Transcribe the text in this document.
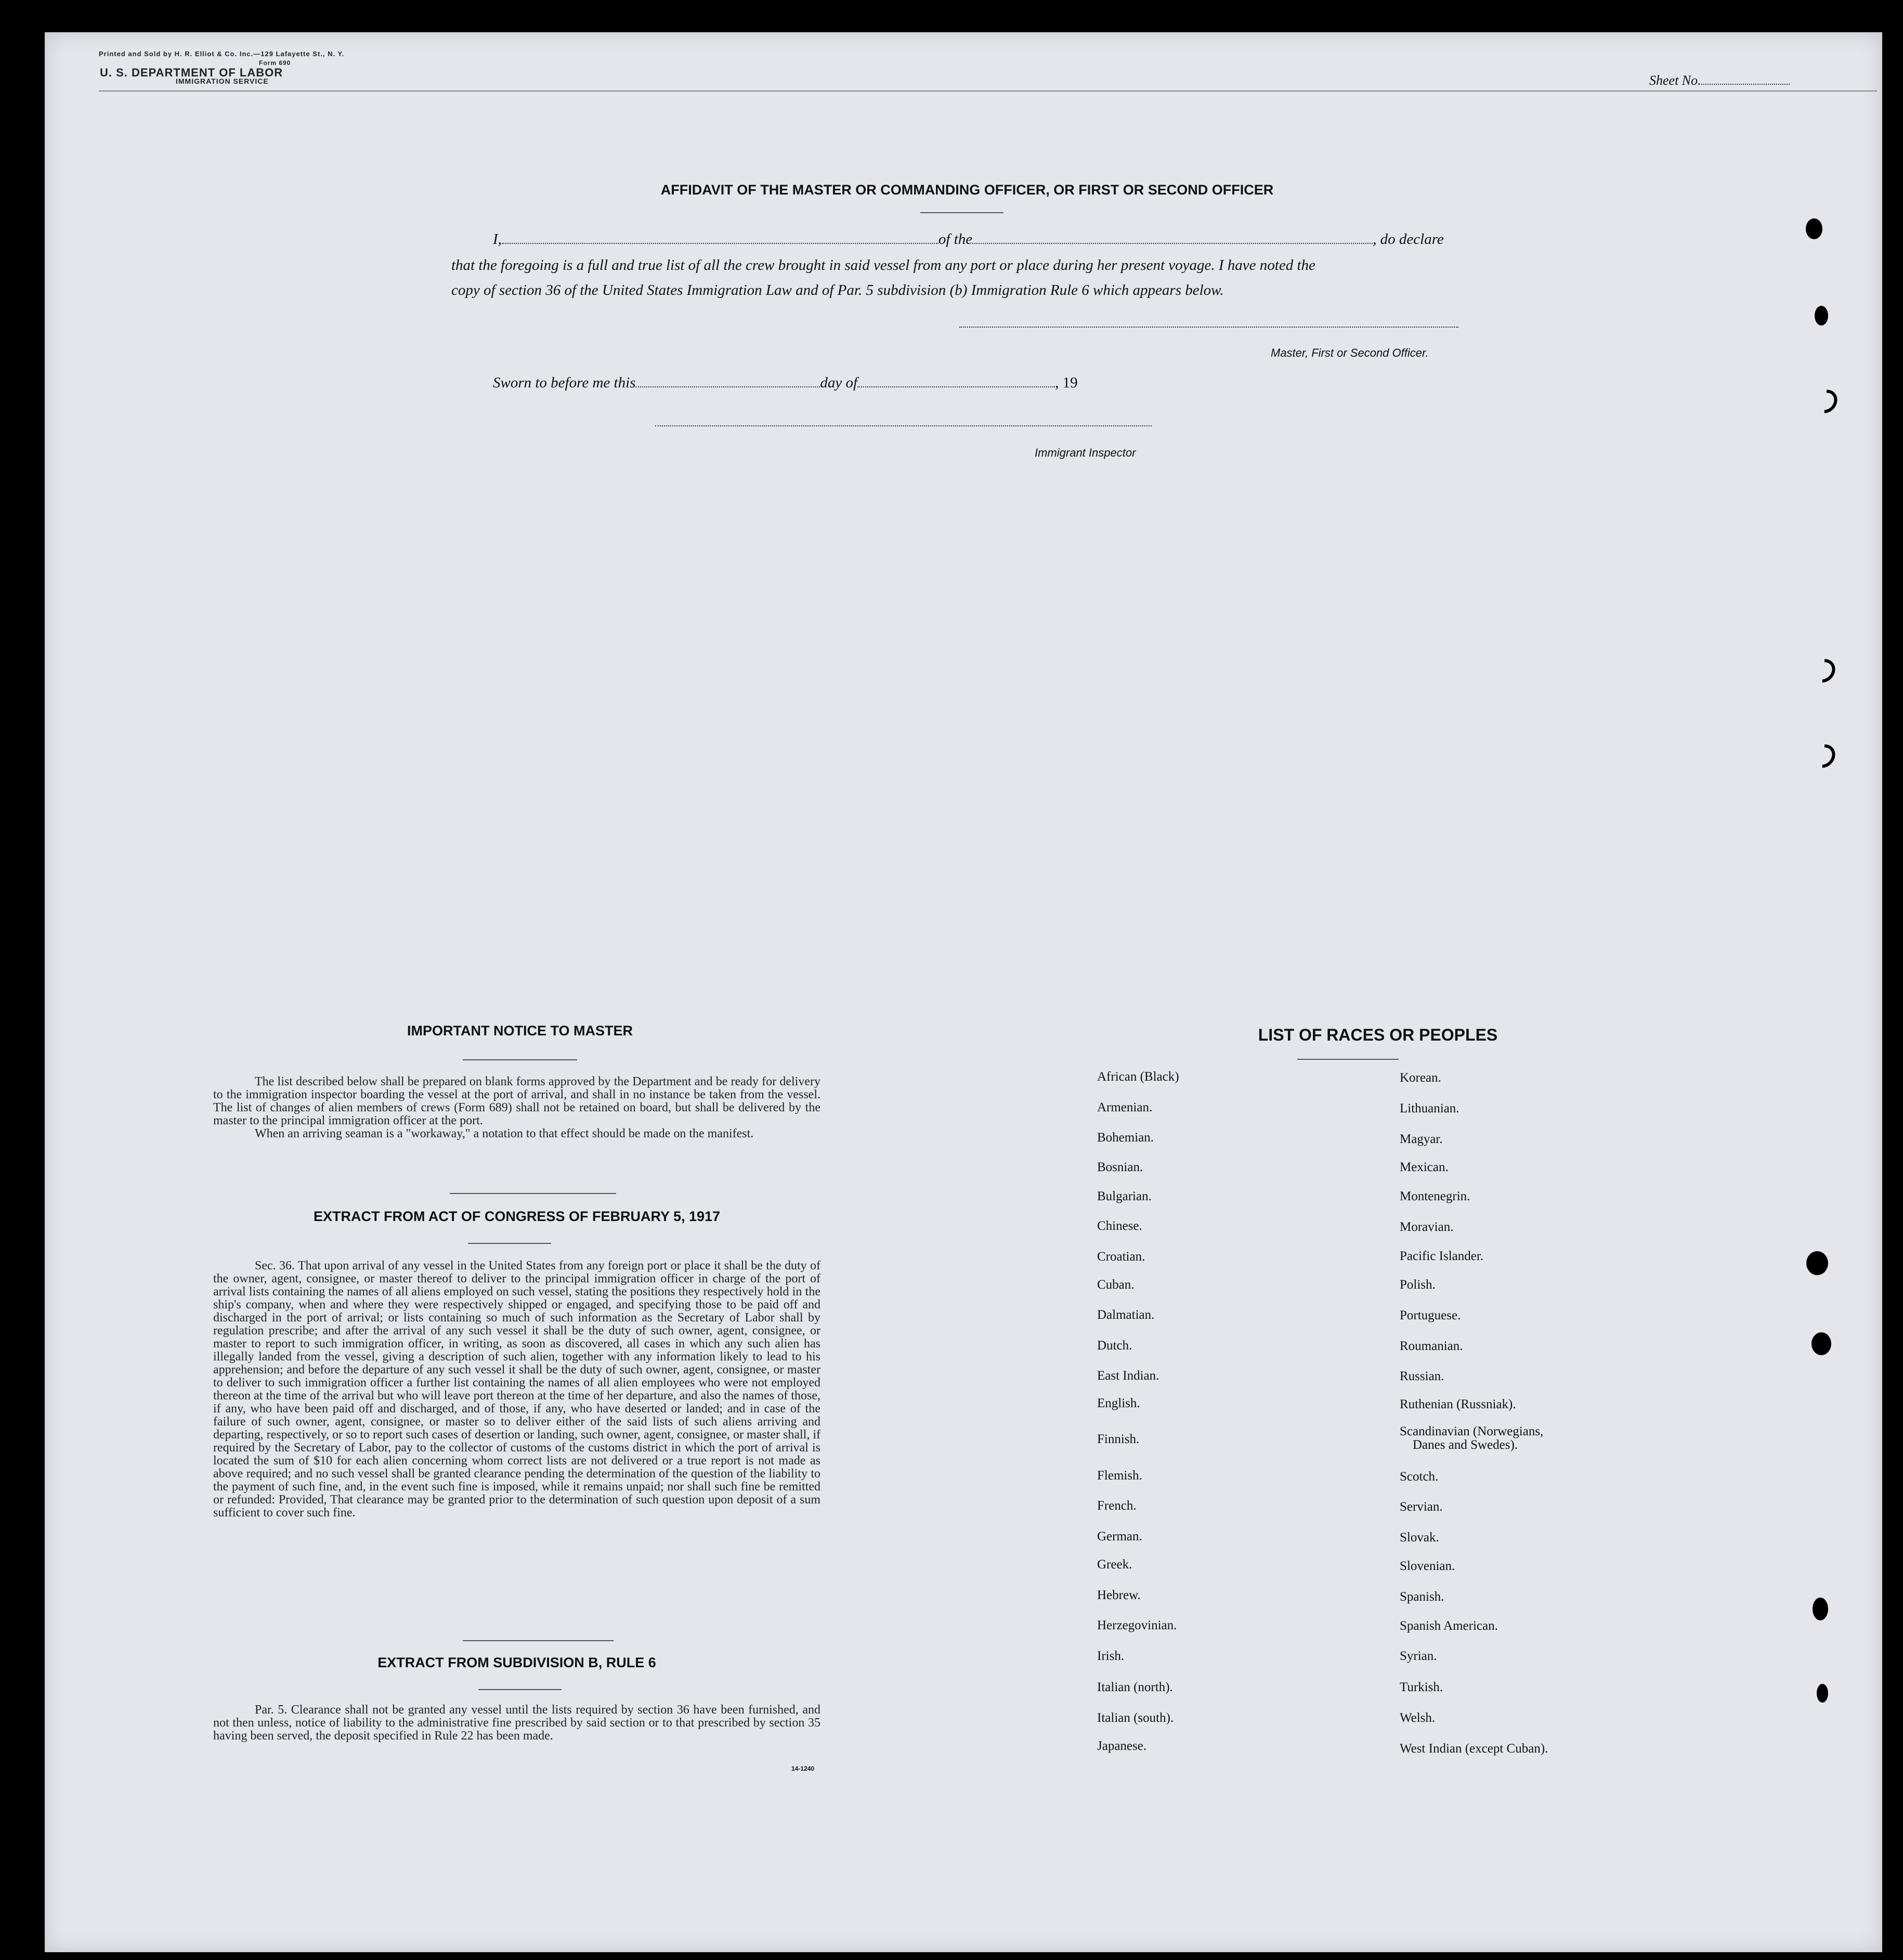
Printed and Sold by H. R. Elliot & Co. Inc.—129 Lafayette St., N. Y.
Form 690
U. S. DEPARTMENT OF LABOR
IMMIGRATION SERVICE	Sheet No.
AFFIDAVIT OF THE MASTER OR COMMANDING OFFICER, OR FIRST OR SECOND OFFICER
I,	of the	, do declare
that the foregoing is a full and true list of all the crew brought in said vessel from any port or place during her present voyage. I have noted the
copy of section 36 of the United States Immigration Law and of Par. 5 subdivision (b) Immigration Rule 6 which appears below.
Master, First or Second Officer.
Sworn to before me this	day of	, 19
Immigrant Inspector
IMPORTANT NOTICE TO MASTER

The list described below shall be prepared on blank forms approved by the Department and be ready for delivery to the immigration inspector boarding the vessel at the port of arrival, and shall in no instance be taken from the vessel. The list of changes of alien members of crews (Form 689) shall not be retained on board, but shall be delivered by the master to the principal immigration officer at the port.

When an arriving seaman is a "workaway," a notation to that effect should be made on the manifest.

EXTRACT FROM ACT OF CONGRESS OF FEBRUARY 5, 1917

Sec. 36. That upon arrival of any vessel in the United States from any foreign port or place it shall be the duty of the owner, agent, consignee, or master thereof to deliver to the principal immigration officer in charge of the port of arrival lists containing the names of all aliens employed on such vessel, stating the positions they respectively hold in the ship's company, when and where they were respectively shipped or engaged, and specifying those to be paid off and discharged in the port of arrival; or lists containing so much of such information as the Secretary of Labor shall by regulation prescribe; and after the arrival of any such vessel it shall be the duty of such owner, agent, consignee, or master to report to such immigration officer, in writing, as soon as discovered, all cases in which any such alien has illegally landed from the vessel, giving a description of such alien, together with any information likely to lead to his apprehension; and before the departure of any such vessel it shall be the duty of such owner, agent, consignee, or master to deliver to such immigration officer a further list containing the names of all alien employees who were not employed thereon at the time of the arrival but who will leave port thereon at the time of her departure, and also the names of those, if any, who have been paid off and discharged, and of those, if any, who have deserted or landed; and in case of the failure of such owner, agent, consignee, or master so to deliver either of the said lists of such aliens arriving and departing, respectively, or so to report such cases of desertion or landing, such owner, agent, consignee, or master shall, if required by the Secretary of Labor, pay to the collector of customs of the customs district in which the port of arrival is located the sum of $10 for each alien concerning whom correct lists are not delivered or a true report is not made as above required; and no such vessel shall be granted clearance pending the determination of the question of the liability to the payment of such fine, and, in the event such fine is imposed, while it remains unpaid; nor shall such fine be remitted or refunded: Provided, That clearance may be granted prior to the determination of such question upon deposit of a sum sufficient to cover such fine.

EXTRACT FROM SUBDIVISION B, RULE 6

Par. 5. Clearance shall not be granted any vessel until the lists required by section 36 have been furnished, and not then unless, notice of liability to the administrative fine prescribed by said section or to that prescribed by section 35 having been served, the deposit specified in Rule 22 has been made.

14-1240
LIST OF RACES OR PEOPLES
African (Black)
Armenian.
Bohemian.
Bosnian.
Bulgarian.
Chinese.
Croatian.
Cuban.
Dalmatian.
Dutch.
East Indian.
English.
Finnish.
Flemish.
French.
German.
Greek.
Hebrew.
Herzegovinian.
Irish.
Italian (north).
Italian (south).
Japanese.
Korean.
Lithuanian.
Magyar.
Mexican.
Montenegrin.
Moravian.
Pacific Islander.
Polish.
Portuguese.
Roumanian.
Russian.
Ruthenian (Russniak).
Scandinavian (Norwegians,
Danes and Swedes).
Scotch.
Servian.
Slovak.
Slovenian.
Spanish.
Spanish American.
Syrian.
Turkish.
Welsh.
West Indian (except Cuban).
